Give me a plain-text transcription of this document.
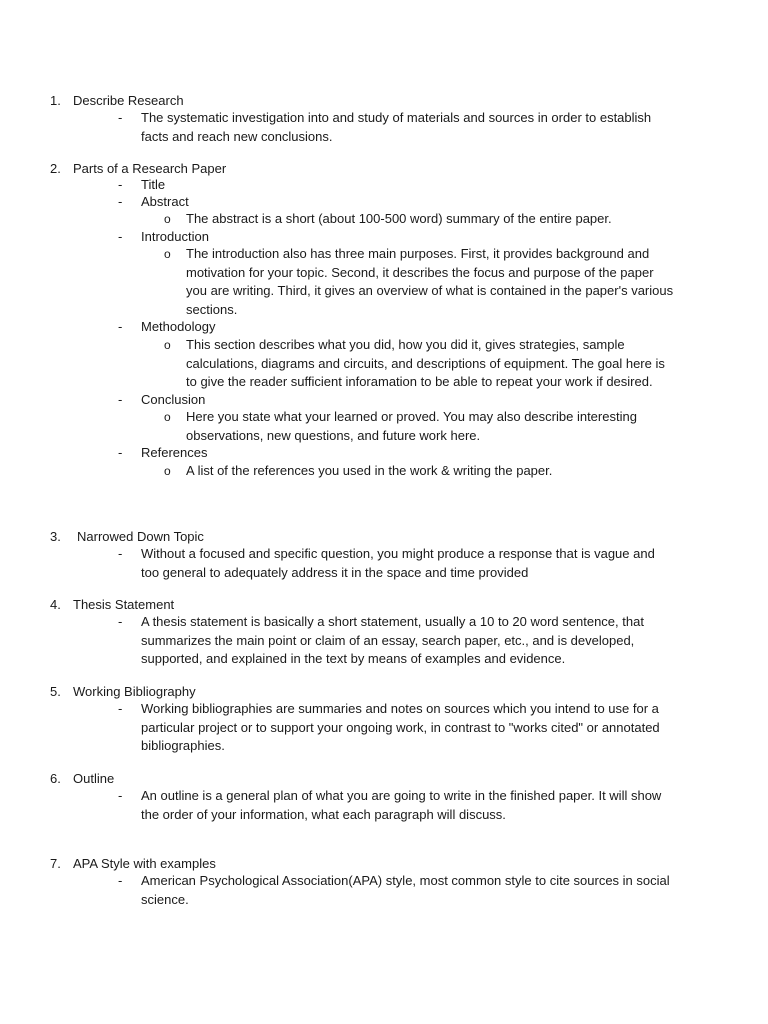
1. Describe Research
- The systematic investigation into and study of materials and sources in order to establish facts and reach new conclusions.
2. Parts of a Research Paper
- Title
- Abstract
o The abstract is a short (about 100-500 word) summary of the entire paper.
- Introduction
o The introduction also has three main purposes. First, it provides background and motivation for your topic. Second, it describes the focus and purpose of the paper you are writing. Third, it gives an overview of what is contained in the paper's various sections.
- Methodology
o This section describes what you did, how you did it, gives strategies, sample calculations, diagrams and circuits, and descriptions of equipment. The goal here is to give the reader sufficient inforamation to be able to repeat your work if desired.
- Conclusion
o Here you state what your learned or proved. You may also describe interesting observations, new questions, and future work here.
- References
o A list of the references you used in the work & writing the paper.
3. Narrowed Down Topic
- Without a focused and specific question, you might produce a response that is vague and too general to adequately address it in the space and time provided
4. Thesis Statement
- A thesis statement is basically a short statement, usually a 10 to 20 word sentence, that summarizes the main point or claim of an essay, search paper, etc., and is developed, supported, and explained in the text by means of examples and evidence.
5. Working Bibliography
- Working bibliographies are summaries and notes on sources which you intend to use for a particular project or to support your ongoing work, in contrast to "works cited" or annotated bibliographies.
6. Outline
- An outline is a general plan of what you are going to write in the finished paper. It will show the order of your information, what each paragraph will discuss.
7. APA Style with examples
- American Psychological Association(APA) style, most common style to cite sources in social science.
